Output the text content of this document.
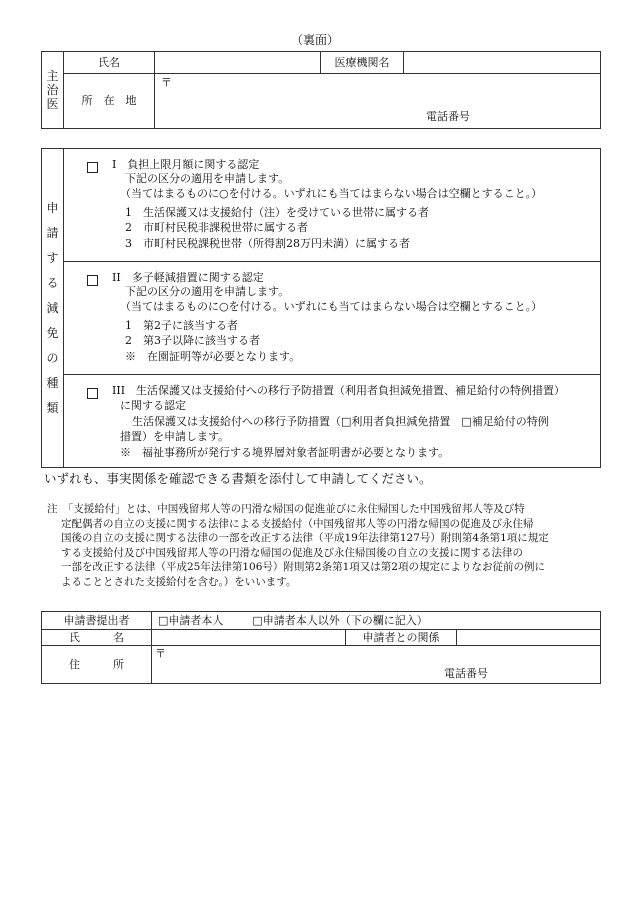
（裏面）
主
治
医	氏名		医療機関名	
	所　在　地	〒
電話番号		
申
請
す
る
減
免
の
種
類

I　負担上限月額に関する認定
下記の区分の適用を申請します。
（当てはまるものに○を付ける。いずれにも当てはまらない場合は空欄とすること。）
1　生活保護又は支援給付（注）を受けている世帯に属する者
2　市町村民税非課税世帯に属する者
3　市町村民税課税世帯（所得割28万円未満）に属する者
II　多子軽減措置に関する認定
下記の区分の適用を申請します。
（当てはまるものに○を付ける。いずれにも当てはまらない場合は空欄とすること。）
1　第2子に該当する者
2　第3子以降に該当する者
※　在園証明等が必要となります。
III　生活保護又は支援給付への移行予防措置（利用者負担減免措置、補足給付の特例措置）
に関する認定
生活保護又は支援給付への移行予防措置（□利用者負担減免措置　□補足給付の特例
措置）を申請します。
※　福祉事務所が発行する境界層対象者証明書が必要となります。
いずれも、事実関係を確認できる書類を添付して申請してください。
注　「支援給付」とは、中国残留邦人等の円滑な帰国の促進並びに永住帰国した中国残留邦人等及び特
定配偶者の自立の支援に関する法律による支援給付（中国残留邦人等の円滑な帰国の促進及び永住帰
国後の自立の支援に関する法律の一部を改正する法律（平成19年法律第127号）附則第4条第1項に規定
する支援給付及び中国残留邦人等の円滑な帰国の促進及び永住帰国後の自立の支援に関する法律の
一部を改正する法律（平成25年法律第106号）附則第2条第1項又は第2項の規定によりなお従前の例に
よることとされた支援給付を含む。）をいいます。
申請書提出者	□申請者本人 □申請者本人以外（下の欄に記入）		
氏　　　名		申請者との関係	
住　　　所	〒
電話番号		
